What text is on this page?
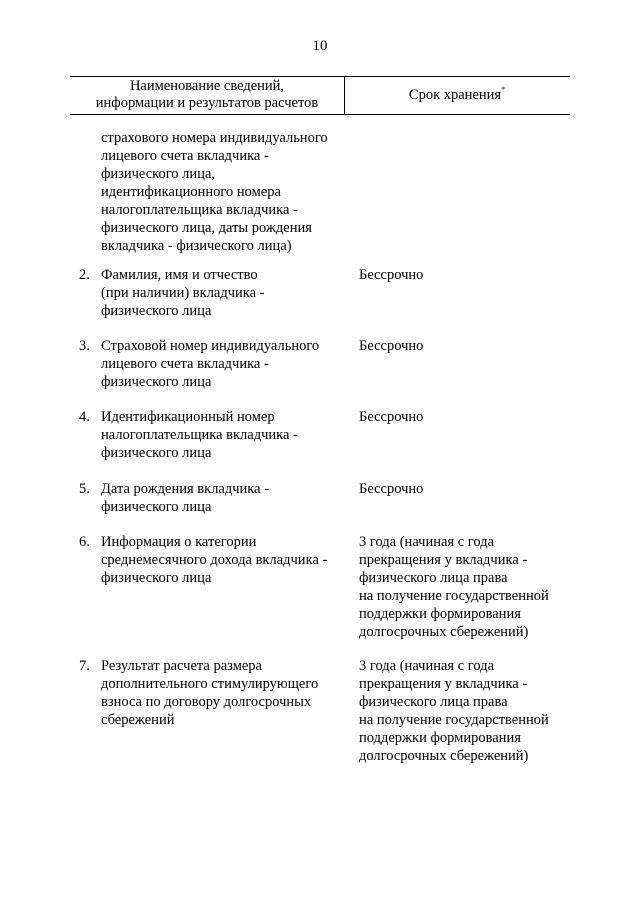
10
Наименование сведений,
информации и результатов расчетов	Срок хранения*
страхового номера индивидуального
лицевого счета вкладчика -
физического лица,
идентификационного номера
налогоплательщика вкладчика -
физического лица, даты рождения
вкладчика - физического лица)
2. Фамилия, имя и отчество
(при наличии) вкладчика -
физического лица
Бессрочно
3. Страховой номер индивидуального
лицевого счета вкладчика -
физического лица
Бессрочно
4. Идентификационный номер
налогоплательщика вкладчика -
физического лица
Бессрочно
5. Дата рождения вкладчика -
физического лица
Бессрочно
6. Информация о категории
среднемесячного дохода вкладчика -
физического лица
3 года (начиная с года
прекращения у вкладчика -
физического лица права
на получение государственной
поддержки формирования
долгосрочных сбережений)
7. Результат расчета размера
дополнительного стимулирующего
взноса по договору долгосрочных
сбережений
3 года (начиная с года
прекращения у вкладчика -
физического лица права
на получение государственной
поддержки формирования
долгосрочных сбережений)
